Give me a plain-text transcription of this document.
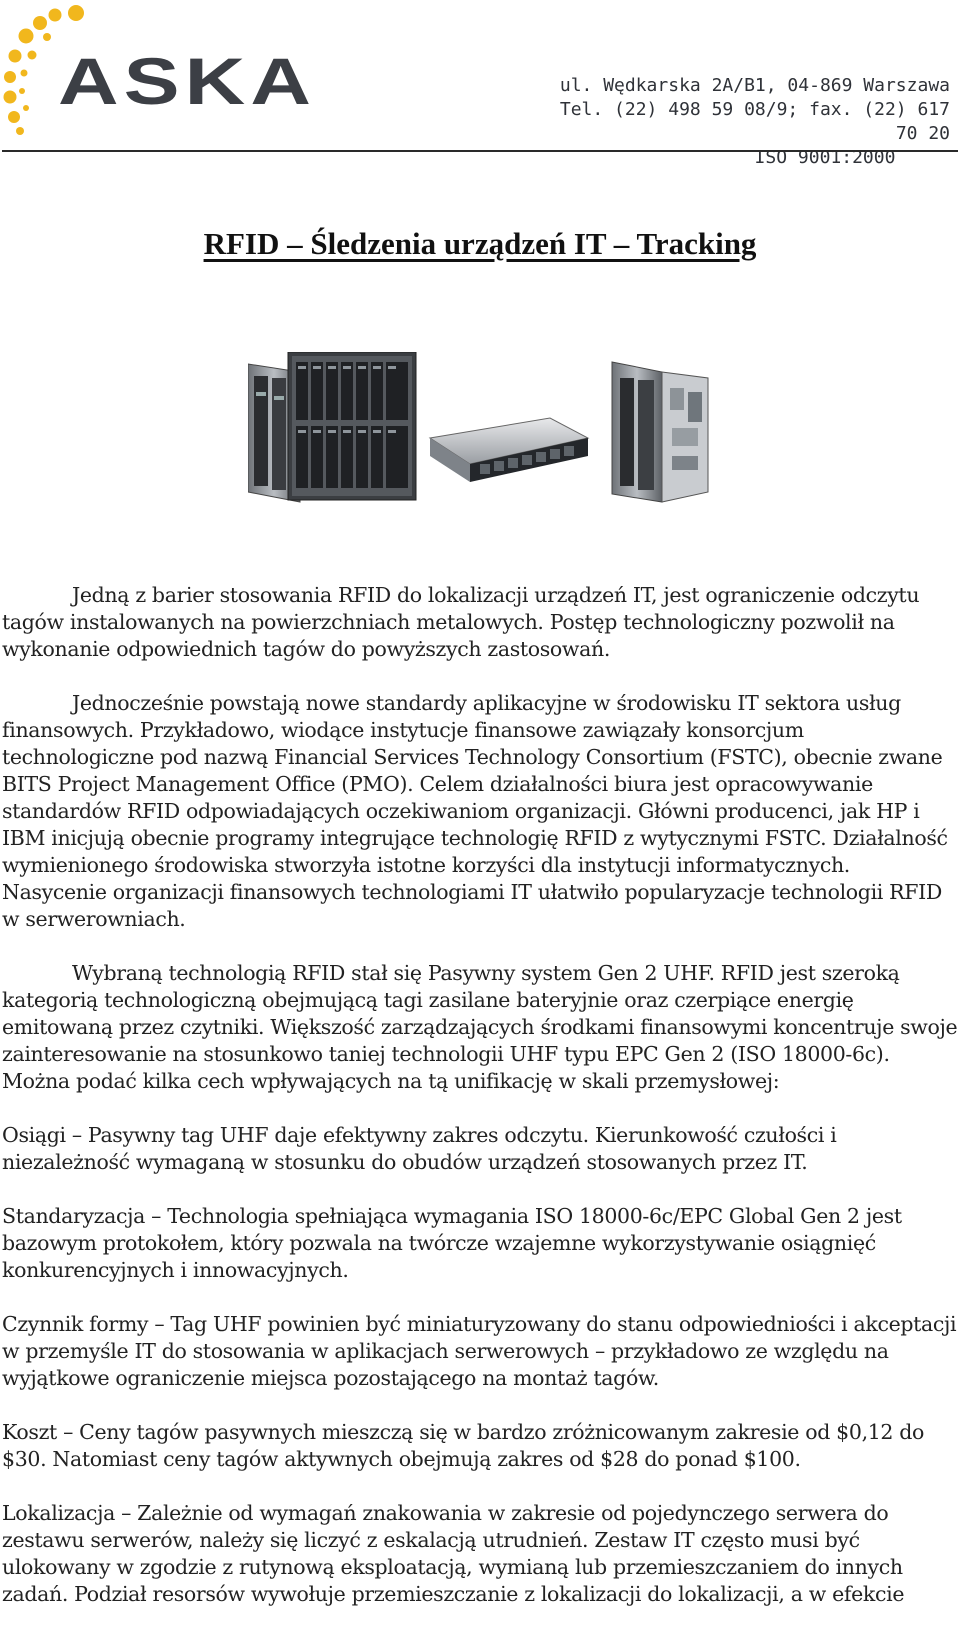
ASKA	ul. Wędkarska 2A/B1, 04-869 Warszawa
Tel. (22) 498 59 08/9; fax. (22) 617 70 20

ISO 9001:2000
RFID – Śledzenia urządzeń IT – Tracking

Jedną z barier stosowania RFID do lokalizacji urządzeń IT, jest ograniczenie odczytu tagów instalowanych na powierzchniach metalowych. Postęp technologiczny pozwolił na wykonanie odpowiednich tagów do powyższych zastosowań.

Jednocześnie powstają nowe standardy aplikacyjne w środowisku IT sektora usług finansowych. Przykładowo, wiodące instytucje finansowe zawiązały konsorcjum technologiczne pod nazwą Financial Services Technology Consortium (FSTC), obecnie zwane BITS Project Management Office (PMO). Celem działalności biura jest opracowywanie standardów RFID odpowiadających oczekiwaniom organizacji. Główni producenci, jak HP i IBM inicjują obecnie programy integrujące technologię RFID z wytycznymi FSTC. Działalność wymienionego środowiska stworzyła istotne korzyści dla instytucji informatycznych. Nasycenie organizacji finansowych technologiami IT ułatwiło popularyzacje technologii RFID w serwerowniach.

Wybraną technologią RFID stał się Pasywny system Gen 2 UHF. RFID jest szeroką kategorią technologiczną obejmującą tagi zasilane bateryjnie oraz czerpiące energię emitowaną przez czytniki. Większość zarządzających środkami finansowymi koncentruje swoje zainteresowanie na stosunkowo taniej technologii UHF typu EPC Gen 2 (ISO 18000-6c). Można podać kilka cech wpływających na tą unifikację w skali przemysłowej:

Osiągi – Pasywny tag UHF daje efektywny zakres odczytu. Kierunkowość czułości i niezależność wymaganą w stosunku do obudów urządzeń stosowanych przez IT.

Standaryzacja – Technologia spełniająca wymagania ISO 18000-6c/EPC Global Gen 2 jest bazowym protokołem, który pozwala na twórcze wzajemne wykorzystywanie osiągnięć konkurencyjnych i innowacyjnych.

Czynnik formy – Tag UHF powinien być miniaturyzowany do stanu odpowiedniości i akceptacji w przemyśle IT do stosowania w aplikacjach serwerowych – przykładowo ze względu na wyjątkowe ograniczenie miejsca pozostającego na montaż tagów.

Koszt – Ceny tagów pasywnych mieszczą się w bardzo zróżnicowanym zakresie od $0,12 do $30. Natomiast ceny tagów aktywnych obejmują zakres od $28 do ponad $100.

Lokalizacja – Zależnie od wymagań znakowania w zakresie od pojedynczego serwera do zestawu serwerów, należy się liczyć z eskalacją utrudnień. Zestaw IT często musi być ulokowany w zgodzie z rutynową eksploatacją, wymianą lub przemieszczaniem do innych zadań. Podział resorsów wywołuje przemieszczanie z lokalizacji do lokalizacji, a w efekcie
